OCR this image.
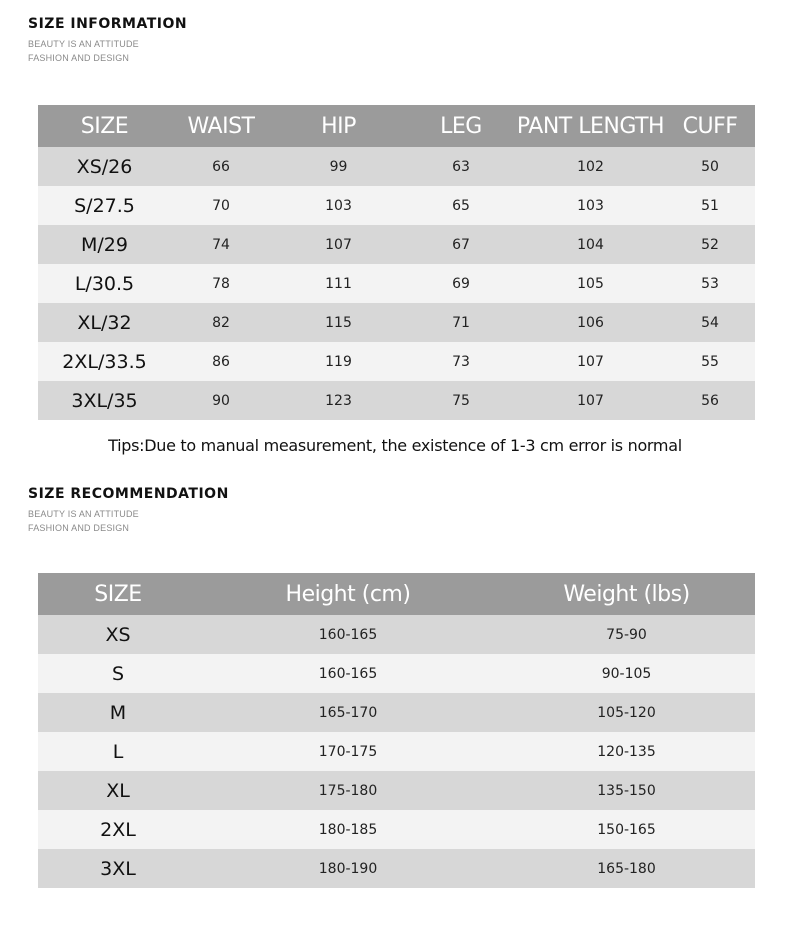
SIZE INFORMATION
BEAUTY IS AN ATTITUDE
FASHION AND DESIGN
SIZE	WAIST	HIP	LEG	PANT LENGTH	CUFF
XS/26	66	99	63	102	50
S/27.5	70	103	65	103	51
M/29	74	107	67	104	52
L/30.5	78	111	69	105	53
XL/32	82	115	71	106	54
2XL/33.5	86	119	73	107	55
3XL/35	90	123	75	107	56
Tips:Due to manual measurement, the existence of 1-3 cm error is normal
SIZE RECOMMENDATION
BEAUTY IS AN ATTITUDE
FASHION AND DESIGN
SIZE	Height (cm)	Weight (lbs)
XS	160-165	75-90
S	160-165	90-105
M	165-170	105-120
L	170-175	120-135
XL	175-180	135-150
2XL	180-185	150-165
3XL	180-190	165-180
